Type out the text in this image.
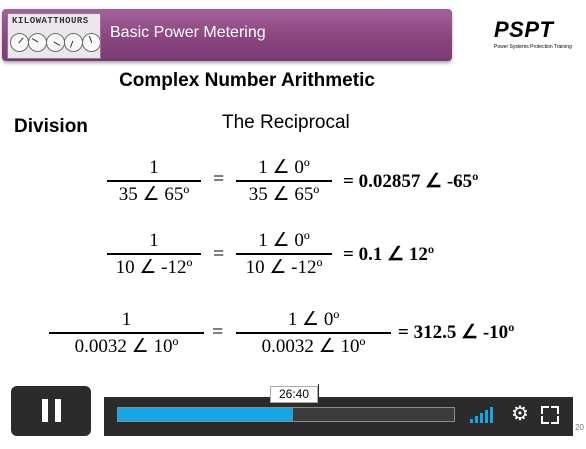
KILOWATTHOURS
Basic Power Metering	PSPT
Power Systems Protection Training
Complex Number Arithmetic
Division	The Reciprocal
1
35 ∠ 65º
=
1 ∠ 0º
35 ∠ 65º
= 0.02857 ∠ -65º
1
10 ∠ -12º
=
1 ∠ 0º
10 ∠ -12º
= 0.1 ∠ 12º
1
0.0032 ∠ 10º
=
1 ∠ 0º
0.0032 ∠ 10º
= 312.5 ∠ -10º
⚙
26:40
20
